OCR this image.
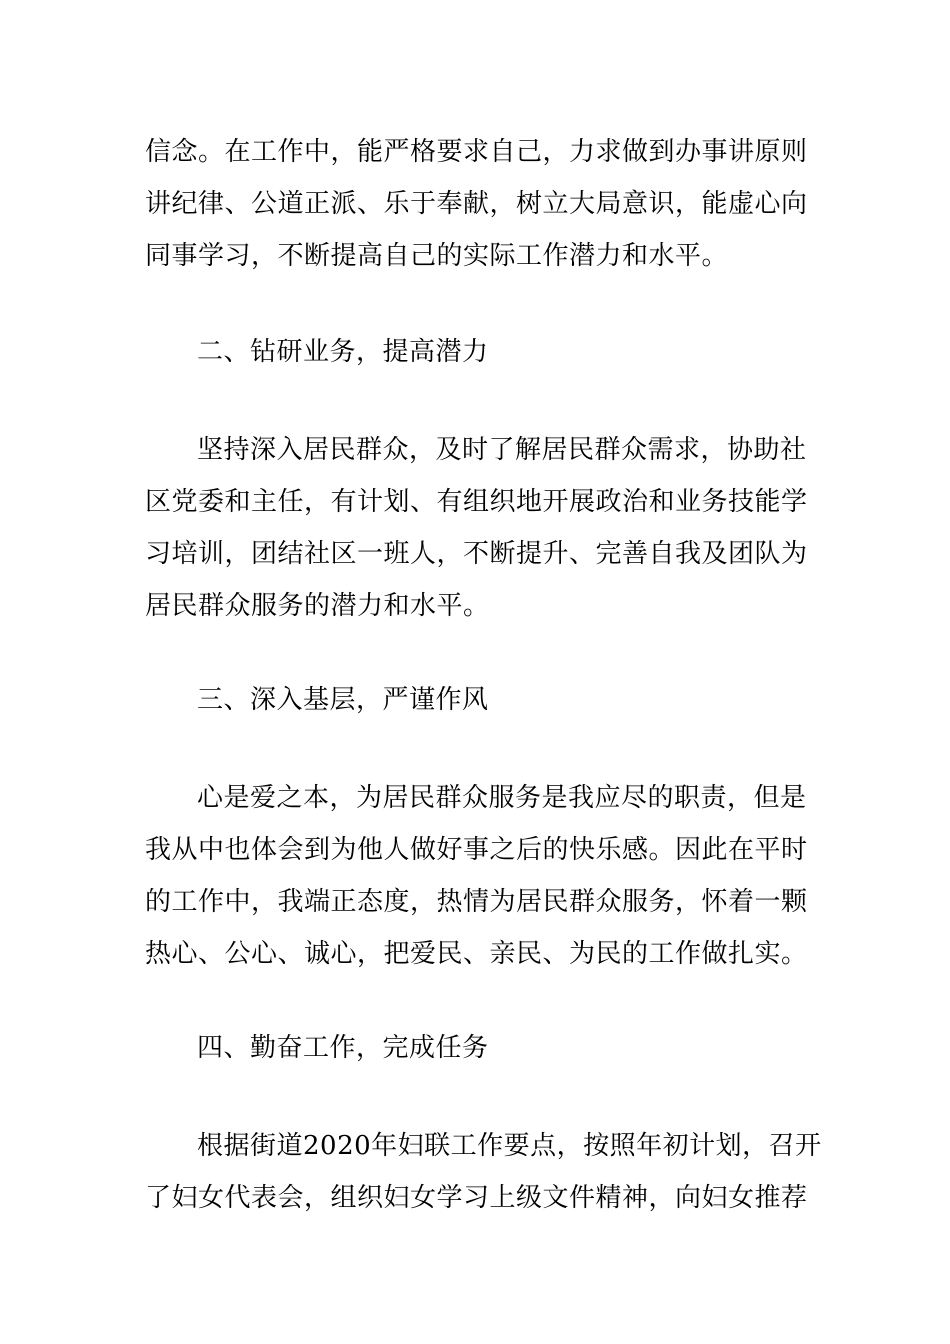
信念。在工作中，能严格要求自己，力求做到办事讲原则
讲纪律、公道正派、乐于奉献，树立大局意识，能虚心向
同事学习，不断提高自己的实际工作潜力和水平。
二、钻研业务，提高潜力
坚持深入居民群众，及时了解居民群众需求，协助社
区党委和主任，有计划、有组织地开展政治和业务技能学
习培训，团结社区一班人，不断提升、完善自我及团队为
居民群众服务的潜力和水平。
三、深入基层，严谨作风
心是爱之本，为居民群众服务是我应尽的职责，但是
我从中也体会到为他人做好事之后的快乐感。因此在平时
的工作中，我端正态度，热情为居民群众服务，怀着一颗
热心、公心、诚心，把爱民、亲民、为民的工作做扎实。
四、勤奋工作，完成任务
根据街道2020年妇联工作要点，按照年初计划，召开
了妇女代表会，组织妇女学习上级文件精神，向妇女推荐
